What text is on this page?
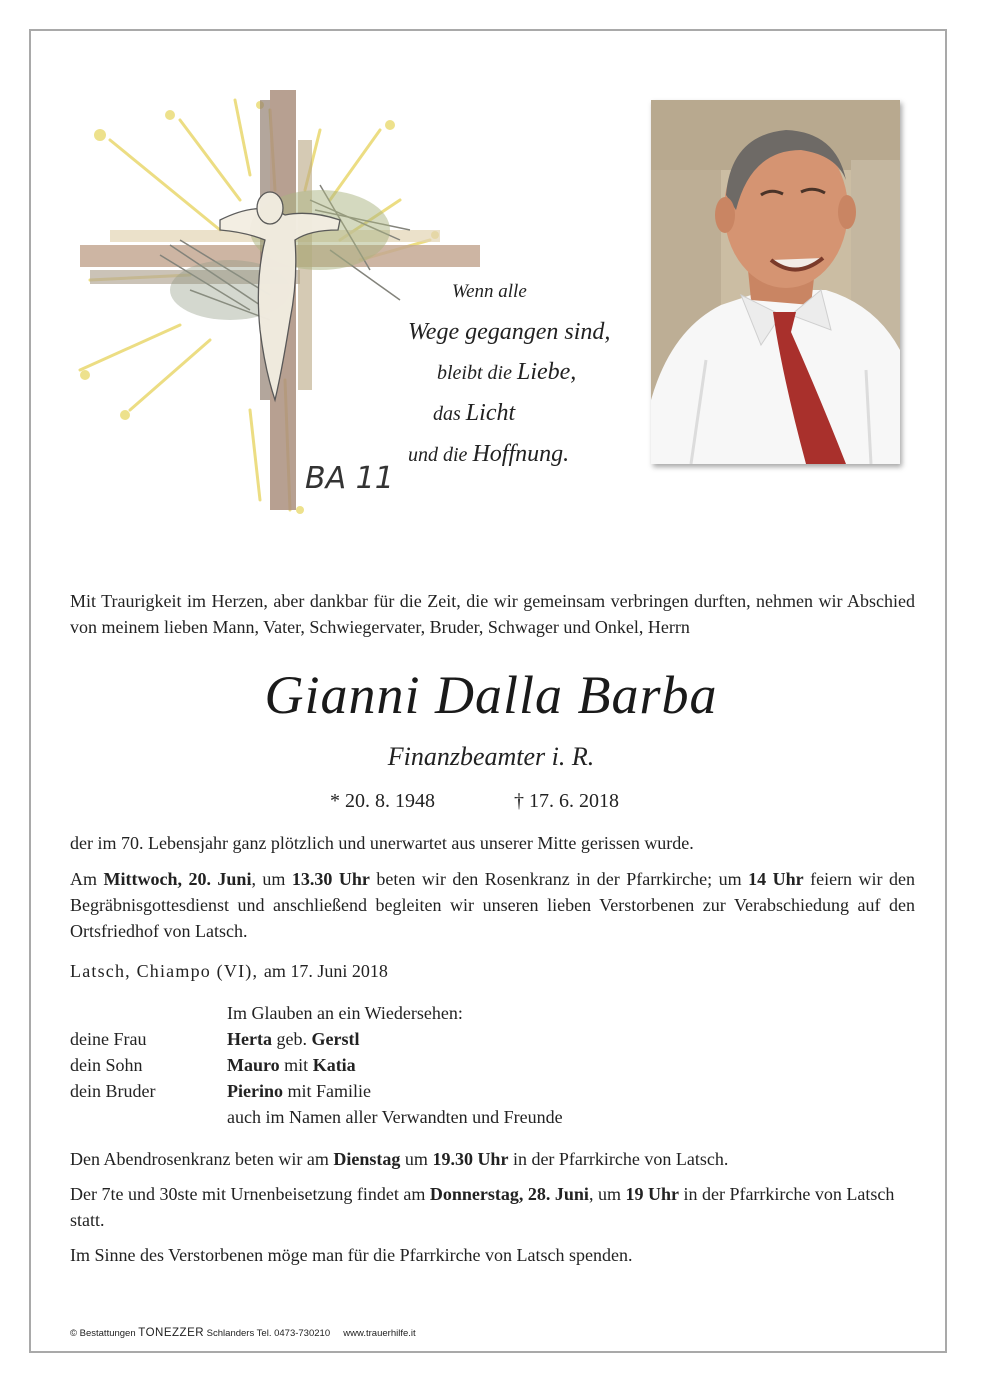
BA 11
Wenn alle
Wege gegangen sind,
bleibt die Liebe,
das Licht
und die Hoffnung.
Mit Traurigkeit im Herzen, aber dankbar für die Zeit, die wir gemeinsam verbringen durften, nehmen wir Abschied von meinem lieben Mann, Vater, Schwiegervater, Bruder, Schwager und Onkel, Herrn
Gianni Dalla Barba
Finanzbeamter i. R.
* 20. 8. 1948	† 17. 6. 2018
der im 70. Lebensjahr ganz plötzlich und unerwartet aus unserer Mitte gerissen wurde.
Am Mittwoch, 20. Juni, um 13.30 Uhr beten wir den Rosenkranz in der Pfarrkirche; um 14 Uhr feiern wir den Begräbnisgottesdienst und anschließend begleiten wir unseren lieben Verstorbenen zur Verabschiedung auf den Ortsfriedhof von Latsch.
Latsch, Chiampo (VI), am 17. Juni 2018
Im Glauben an ein Wiedersehen:
deine Frau	Herta geb. Gerstl
dein Sohn	Mauro mit Katia
dein Bruder	Pierino mit Familie
auch im Namen aller Verwandten und Freunde
Den Abendrosenkranz beten wir am Dienstag um 19.30 Uhr in der Pfarrkirche von Latsch.
Der 7te und 30ste mit Urnenbeisetzung findet am Donnerstag, 28. Juni, um 19 Uhr in der Pfarrkirche von Latsch statt.
Im Sinne des Verstorbenen möge man für die Pfarrkirche von Latsch spenden.
© Bestattungen TONEZZER Schlanders Tel. 0473-730210     www.trauerhilfe.it
